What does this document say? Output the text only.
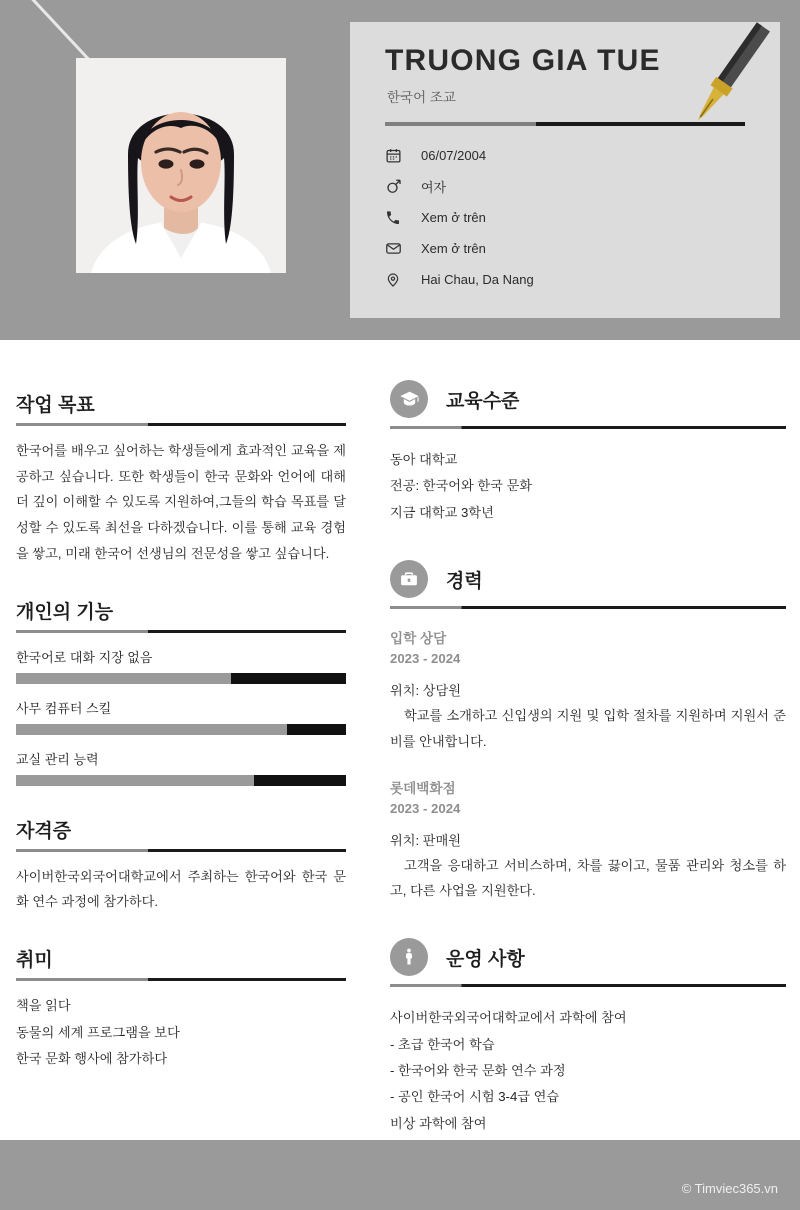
TRUONG GIA TUE
한국어 조교
06/07/2004
여자
Xem ở trên
Xem ở trên
Hai Chau, Da Nang
작업 목표
한국어를 배우고 싶어하는 학생들에게 효과적인 교육을 제공하고 싶습니다. 또한 학생들이 한국 문화와 언어에 대해 더 깊이 이해할 수 있도록 지원하여,그들의 학습 목표를 달성할 수 있도록 최선을 다하겠습니다. 이를 통해 교육 경험을 쌓고, 미래 한국어 선생님의 전문성을 쌓고 싶습니다.
개인의 기능
한국어로 대화 지장 없음
사무 컴퓨터 스킬
교실 관리 능력
자격증
사이버한국외국어대학교에서 주최하는 한국어와 한국 문화 연수 과정에 참가하다.
취미
책을 읽다
동물의 세계 프로그램을 보다
한국 문화 행사에 참가하다
교육수준
동아 대학교
전공: 한국어와 한국 문화
지금 대학교 3학년
경력
입학 상담
2023 - 2024
위치: 상담원
학교를 소개하고 신입생의 지원 및 입학 절차를 지원하며 지원서 준비를 안내합니다.
롯데백화점
2023 - 2024
위치: 판매원
고객을 응대하고 서비스하며, 차를 끓이고, 물품 관리와 청소를 하고, 다른 사업을 지원한다.
운영 사항
사이버한국외국어대학교에서 과학에 참여
- 초급 한국어 학습
- 한국어와 한국 문화 연수 과정
- 공인 한국어 시험 3-4급 연습
비상 과학에 참여
© Timviec365.vn
